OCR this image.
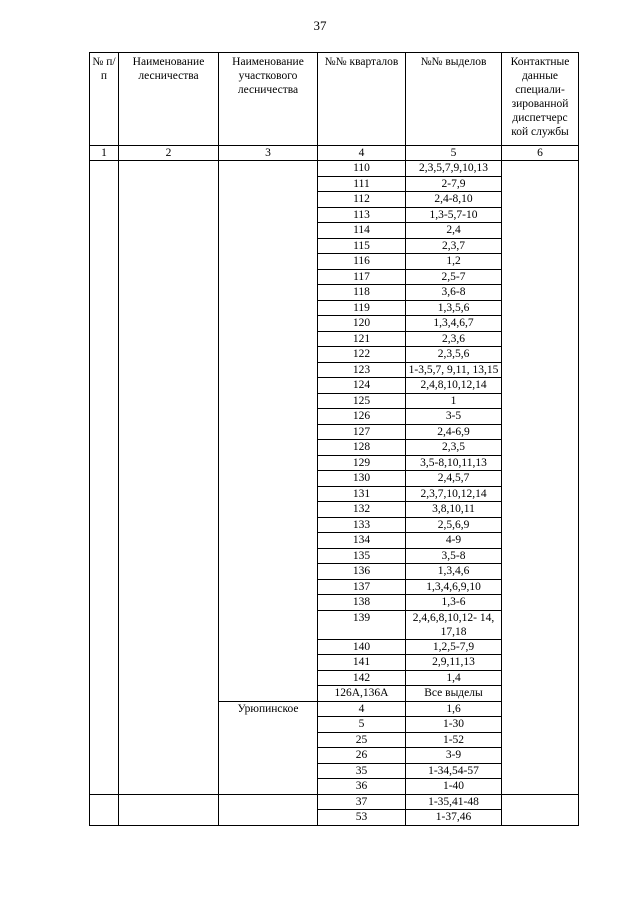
37
№ п/п	Наименование лесничества	Наименование участкового лесничества	№№ кварталов	№№ выделов	Контактные данные специали-зированной диспетчерс кой службы
1	2	3	4	5	6
			110	2,3,5,7,9,10,13	
			111	2-7,9	
			112	2,4-8,10	
			113	1,3-5,7-10	
			114	2,4	
			115	2,3,7	
			116	1,2	
			117	2,5-7	
			118	3,6-8	
			119	1,3,5,6	
			120	1,3,4,6,7	
			121	2,3,6	
			122	2,3,5,6	
			123	1-3,5,7, 9,11, 13,15	
			124	2,4,8,10,12,14	
			125	1	
			126	3-5	
			127	2,4-6,9	
			128	2,3,5	
			129	3,5-8,10,11,13	
			130	2,4,5,7	
			131	2,3,7,10,12,14	
			132	3,8,10,11	
			133	2,5,6,9	
			134	4-9	
			135	3,5-8	
			136	1,3,4,6	
			137	1,3,4,6,9,10	
			138	1,3-6	
			139	2,4,6,8,10,12- 14, 17,18	
			140	1,2,5-7,9	
			141	2,9,11,13	
			142	1,4	
			126А,136А	Все выделы	
		Урюпинское	4	1,6	
			5	1-30	
			25	1-52	
			26	3-9	
			35	1-34,54-57	
			36	1-40	
			37	1-35,41-48	
			53	1-37,46	
